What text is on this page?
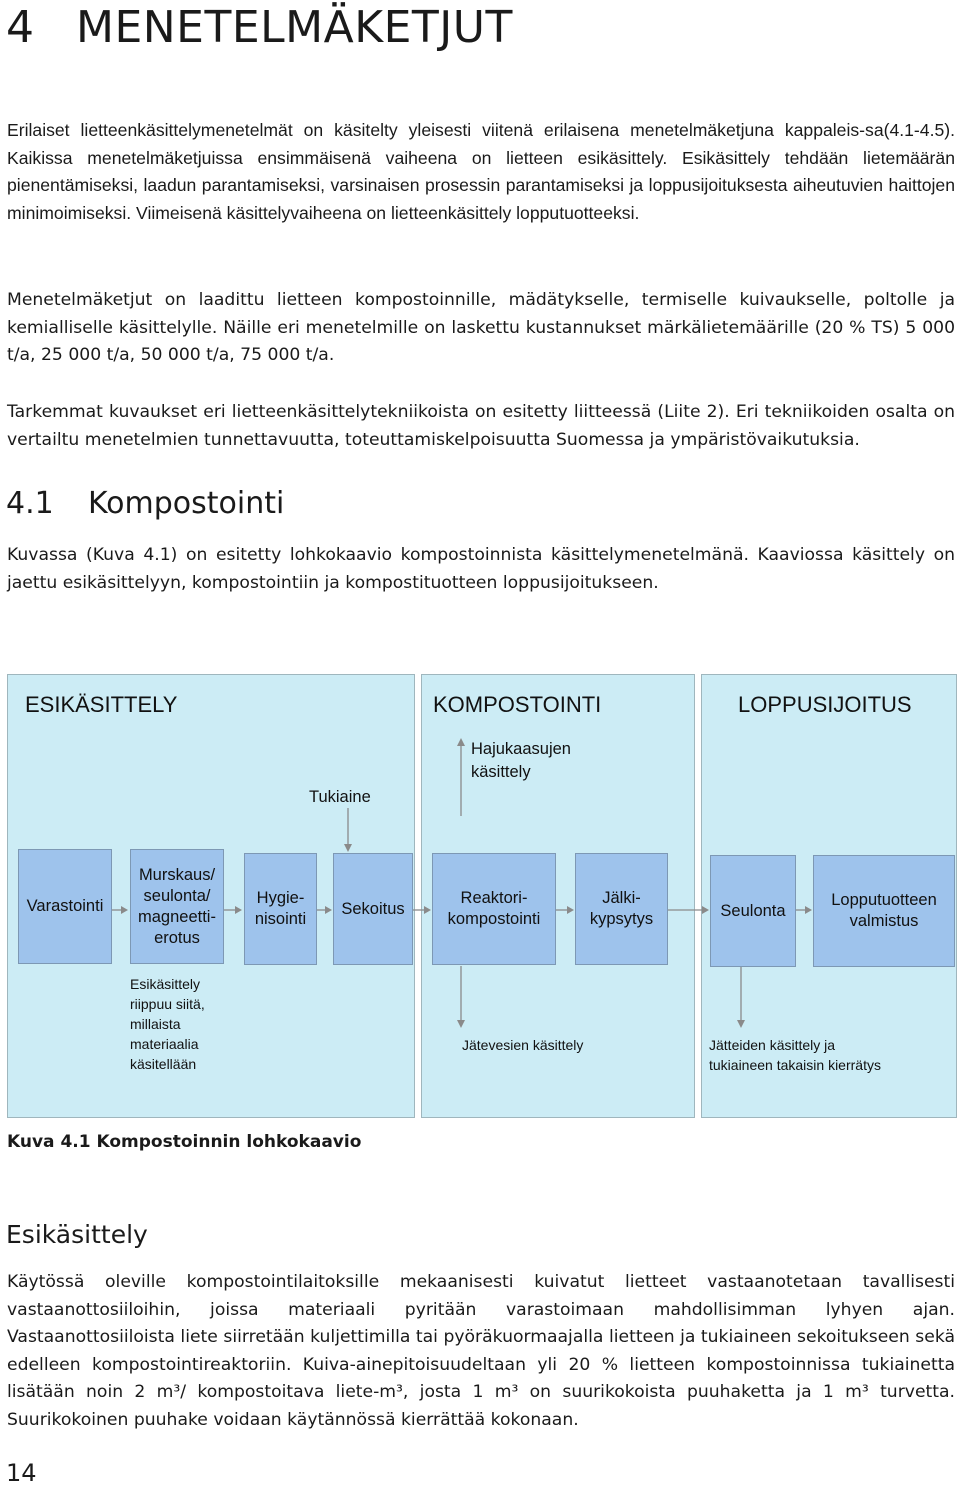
4 MENETELMÄKETJUT

Erilaiset lietteenkäsittelymenetelmät on käsitelty yleisesti viitenä erilaisena menetelmäketjuna kappaleis-sa(4.1-4.5). Kaikissa menetelmäketjuissa ensimmäisenä vaiheena on lietteen esikäsittely. Esikäsittely tehdään lietemäärän pienentämiseksi, laadun parantamiseksi, varsinaisen prosessin parantamiseksi ja loppusijoituksesta aiheutuvien haittojen minimoimiseksi. Viimeisenä käsittelyvaiheena on lietteenkäsittely lopputuotteeksi.

Menetelmäketjut on laadittu lietteen kompostoinnille, mädätykselle, termiselle kuivaukselle, poltolle ja kemialliselle käsittelylle. Näille eri menetelmille on laskettu kustannukset märkälietemäärille (20 % TS) 5 000 t/a, 25 000 t/a, 50 000 t/a, 75 000 t/a.

Tarkemmat kuvaukset eri lietteenkäsittelytekniikoista on esitetty liitteessä (Liite 2). Eri tekniikoiden osalta on vertailtu menetelmien tunnettavuutta, toteuttamiskelpoisuutta Suomessa ja ympäristövaikutuksia.

4.1 Kompostointi

Kuvassa (Kuva 4.1) on esitetty lohkokaavio kompostoinnista käsittelymenetelmänä. Kaaviossa käsittely on jaettu esikäsittelyyn, kompostointiin ja kompostituotteen loppusijoitukseen.

ESIKÄSITTELY	KOMPOSTOINTI	LOPPUSIJOITUS
Tukiaine
Hajukaasujen käsittely
Varastointi
Murskaus/ seulonta/ magneetti-erotus
Hygie-nisointi
Sekoitus
Reaktori-kompostointi
Jälki-kypsytys	Seulonta
Lopputuotteen valmistus
Esikäsittely riippuu siitä, millaista materiaalia käsitellään
Jätevesien käsittely	Jätteiden käsittely ja tukiaineen takaisin kierrätys
Kuva 4.1 Kompostoinnin lohkokaavio
Esikäsittely

Käytössä oleville kompostointilaitoksille mekaanisesti kuivatut lietteet vastaanotetaan tavallisesti vastaanottosiiloihin, joissa materiaali pyritään varastoimaan mahdollisimman lyhyen ajan. Vastaanottosiiloista liete siirretään kuljettimilla tai pyöräkuormaajalla lietteen ja tukiaineen sekoitukseen sekä edelleen kompostointireaktoriin. Kuiva-ainepitoisuudeltaan yli 20 % lietteen kompostoinnissa tukiainetta lisätään noin 2 m³/ kompostoitava liete-m³, josta 1 m³ on suurikokoista puuhaketta ja 1 m³ turvetta. Suurikokoinen puuhake voidaan käytännössä kierrättää kokonaan.

14
